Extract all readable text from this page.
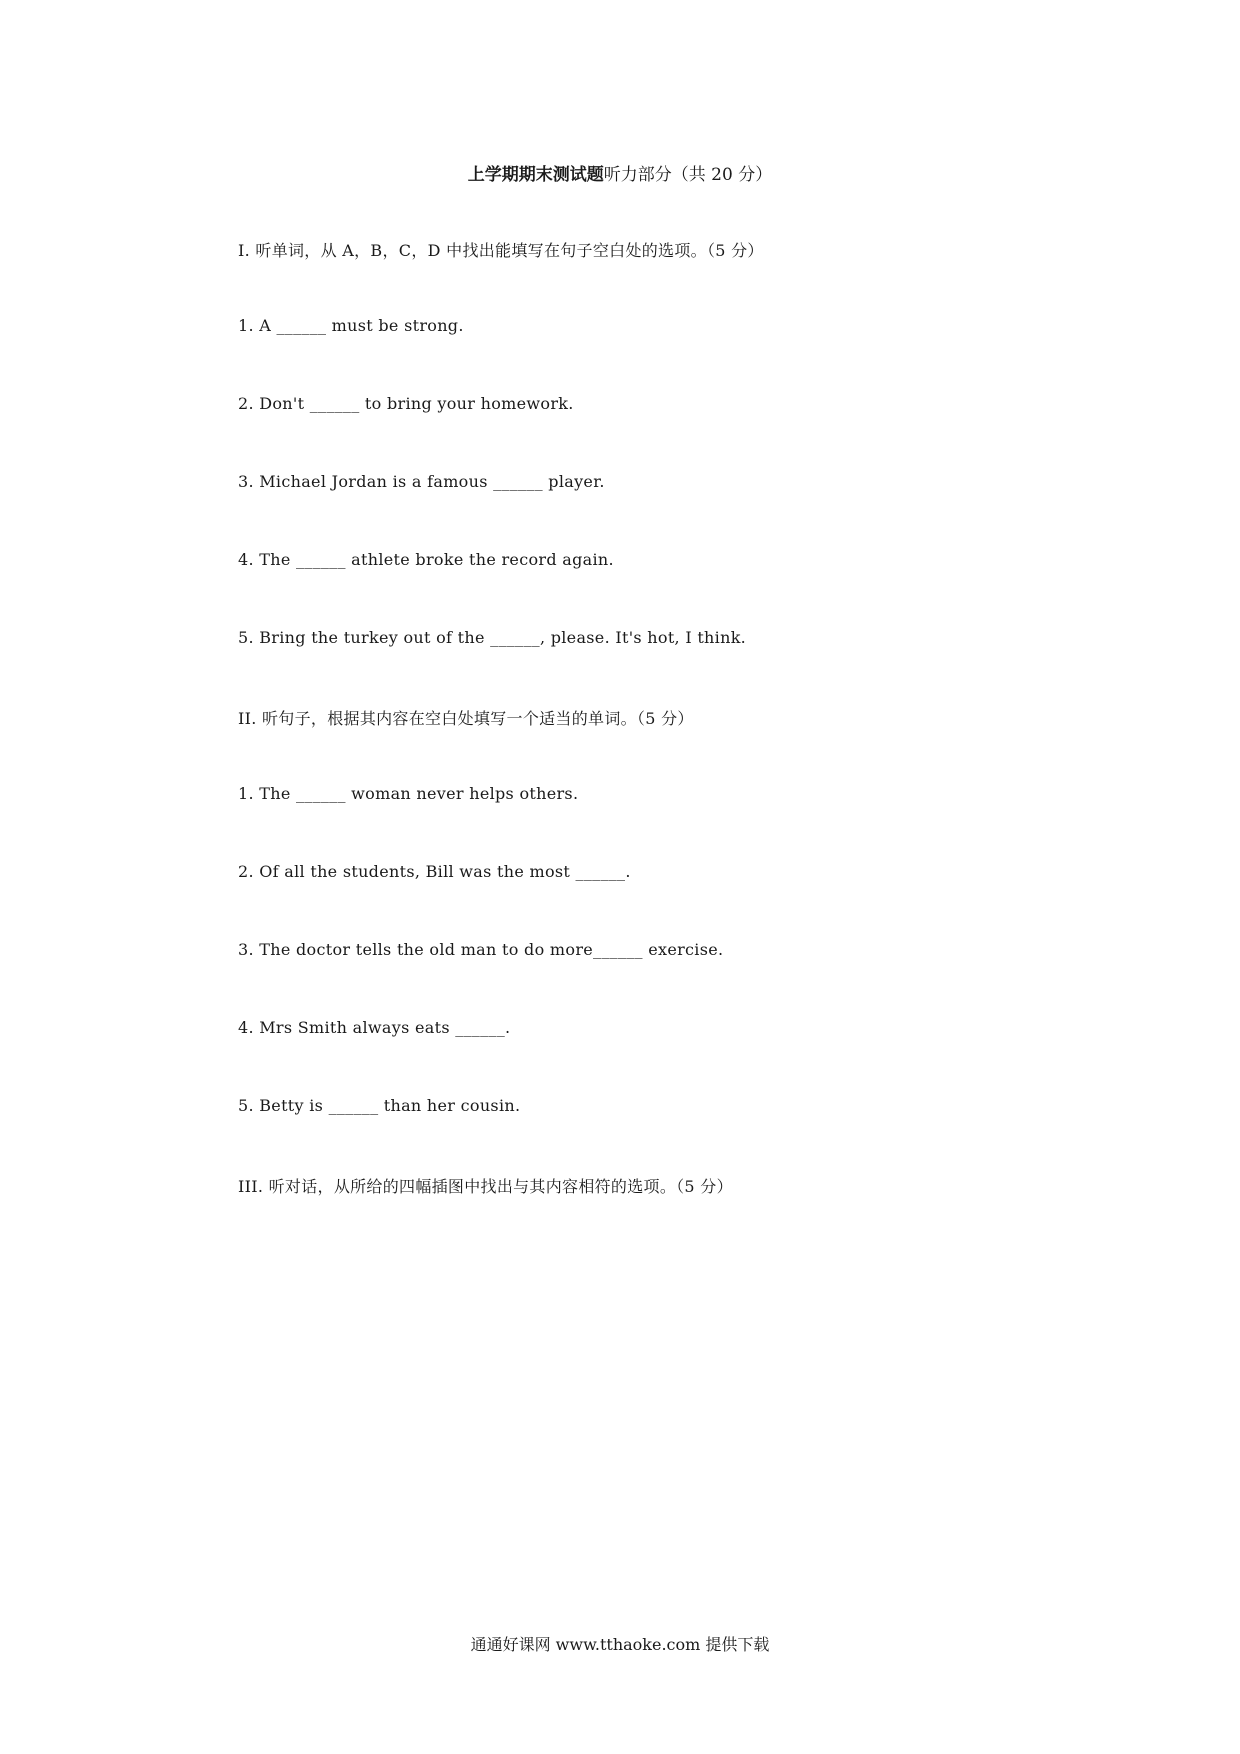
上学期期末测试题听力部分（共 20 分）
I. 听单词，从 A，B，C，D 中找出能填写在句子空白处的选项。（5 分）
1. A ______ must be strong.
2. Don't ______ to bring your homework.
3. Michael Jordan is a famous ______ player.
4. The ______ athlete broke the record again.
5. Bring the turkey out of the ______, please. It's hot, I think.
II. 听句子，根据其内容在空白处填写一个适当的单词。（5 分）
1. The ______ woman never helps others.
2. Of all the students, Bill was the most ______.
3. The doctor tells the old man to do more______ exercise.
4. Mrs Smith always eats ______.
5. Betty is ______ than her cousin.
III. 听对话，从所给的四幅插图中找出与其内容相符的选项。（5 分）
通通好课网 www.tthaoke.com 提供下载
